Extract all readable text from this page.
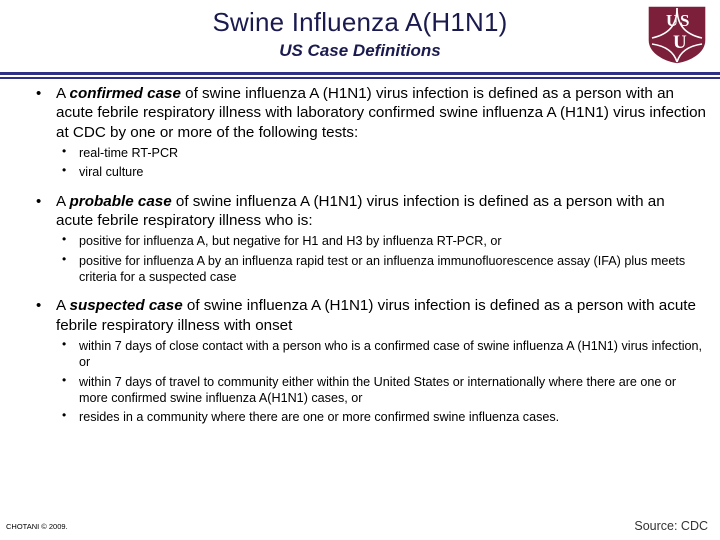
Swine Influenza A(H1N1)
US Case Definitions
U S
U
• A confirmed case of swine influenza A (H1N1) virus infection is defined as a person with an acute febrile respiratory illness with laboratory confirmed swine influenza A (H1N1) virus infection at CDC by one or more of the following tests:
• real-time RT-PCR
• viral culture
• A probable case of swine influenza A (H1N1) virus infection is defined as a person with an acute febrile respiratory illness who is:
• positive for influenza A, but negative for H1 and H3 by influenza RT-PCR, or
• positive for influenza A by an influenza rapid test or an influenza immunofluorescence assay (IFA) plus meets criteria for a suspected case
• A suspected case of swine influenza A (H1N1) virus infection is defined as a person with acute febrile respiratory illness with onset
• within 7 days of close contact with a person who is a confirmed case of swine influenza A (H1N1) virus infection, or
• within 7 days of travel to community either within the United States or internationally where there are one or more confirmed swine influenza A(H1N1) cases, or
• resides in a community where there are one or more confirmed swine influenza cases.
CHOTANI © 2009.	Source: CDC
